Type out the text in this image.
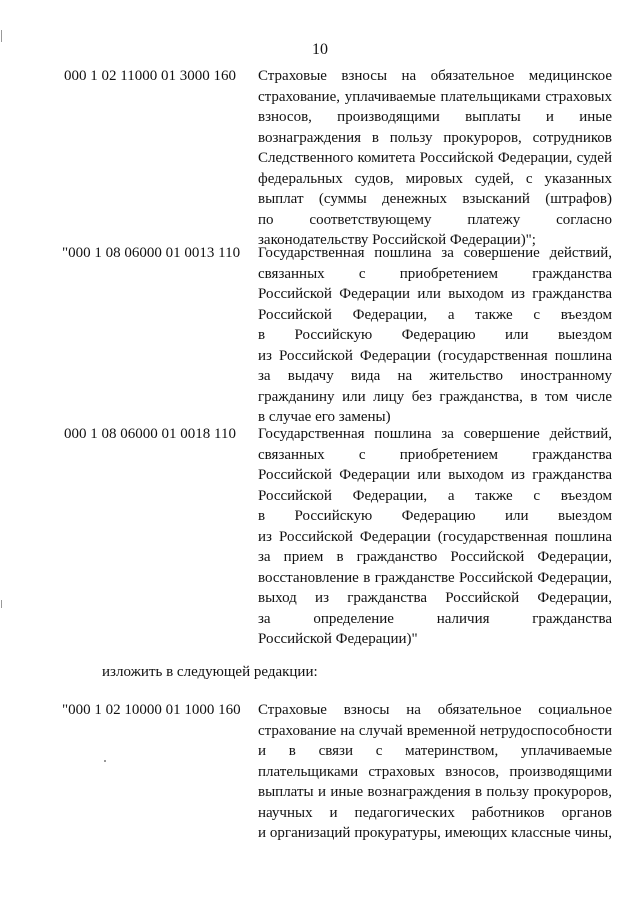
10
000 1 02 11000 01 3000 160 Страховые взносы на обязательное медицинское
страхование, уплачиваемые плательщиками страховых
взносов, производящими выплаты и иные
вознаграждения в пользу прокуроров, сотрудников
Следственного комитета Российской Федерации, судей
федеральных судов, мировых судей, с указанных
выплат (суммы денежных взысканий (штрафов)
по соответствующему платежу согласно
законодательству Российской Федерации)";
"000 1 08 06000 01 0013 110 Государственная пошлина за совершение действий,
связанных с приобретением гражданства
Российской Федерации или выходом из гражданства
Российской Федерации, а также с въездом
в Российскую Федерацию или выездом
из Российской Федерации (государственная пошлина
за выдачу вида на жительство иностранному
гражданину или лицу без гражданства, в том числе
в случае его замены)
000 1 08 06000 01 0018 110 Государственная пошлина за совершение действий,
связанных с приобретением гражданства
Российской Федерации или выходом из гражданства
Российской Федерации, а также с въездом
в Российскую Федерацию или выездом
из Российской Федерации (государственная пошлина
за прием в гражданство Российской Федерации,
восстановление в гражданстве Российской Федерации,
выход из гражданства Российской Федерации,
за определение наличия гражданства
Российской Федерации)"
изложить в следующей редакции:
"000 1 02 10000 01 1000 160 Страховые взносы на обязательное социальное
страхование на случай временной нетрудоспособности
и в связи с материнством, уплачиваемые
плательщиками страховых взносов, производящими
выплаты и иные вознаграждения в пользу прокуроров,
научных и педагогических работников органов
и организаций прокуратуры, имеющих классные чины,
